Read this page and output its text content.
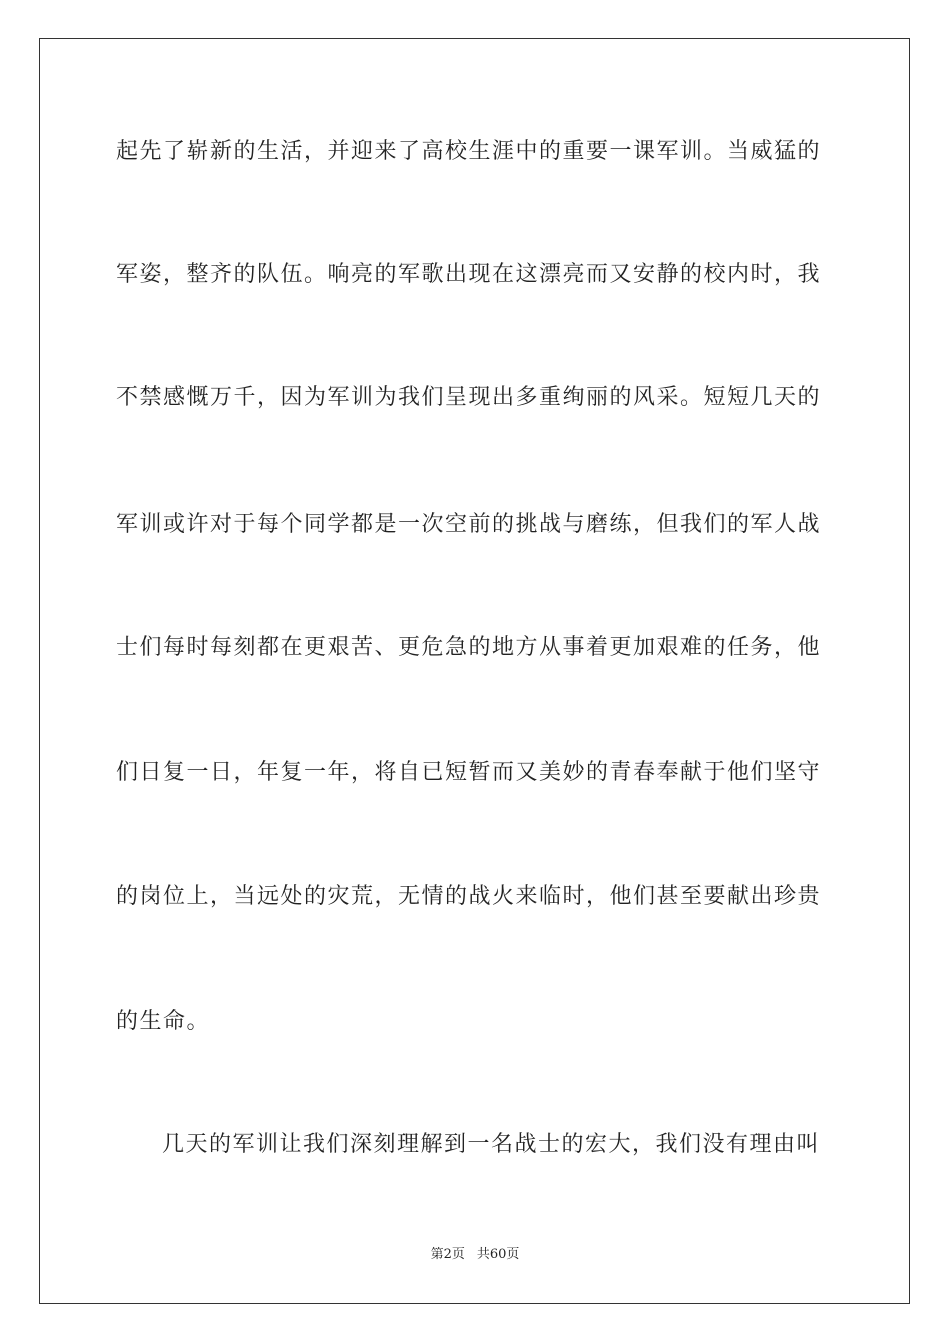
起先了崭新的生活，并迎来了高校生涯中的重要一课军训。当威猛的
军姿，整齐的队伍。响亮的军歌出现在这漂亮而又安静的校内时，我
不禁感慨万千，因为军训为我们呈现出多重绚丽的风采。短短几天的
军训或许对于每个同学都是一次空前的挑战与磨练，但我们的军人战
士们每时每刻都在更艰苦、更危急的地方从事着更加艰难的任务，他
们日复一日，年复一年，将自已短暂而又美妙的青春奉献于他们坚守
的岗位上，当远处的灾荒，无情的战火来临时，他们甚至要献出珍贵
的生命。
几天的军训让我们深刻理解到一名战士的宏大，我们没有理由叫
第2页 共60页
